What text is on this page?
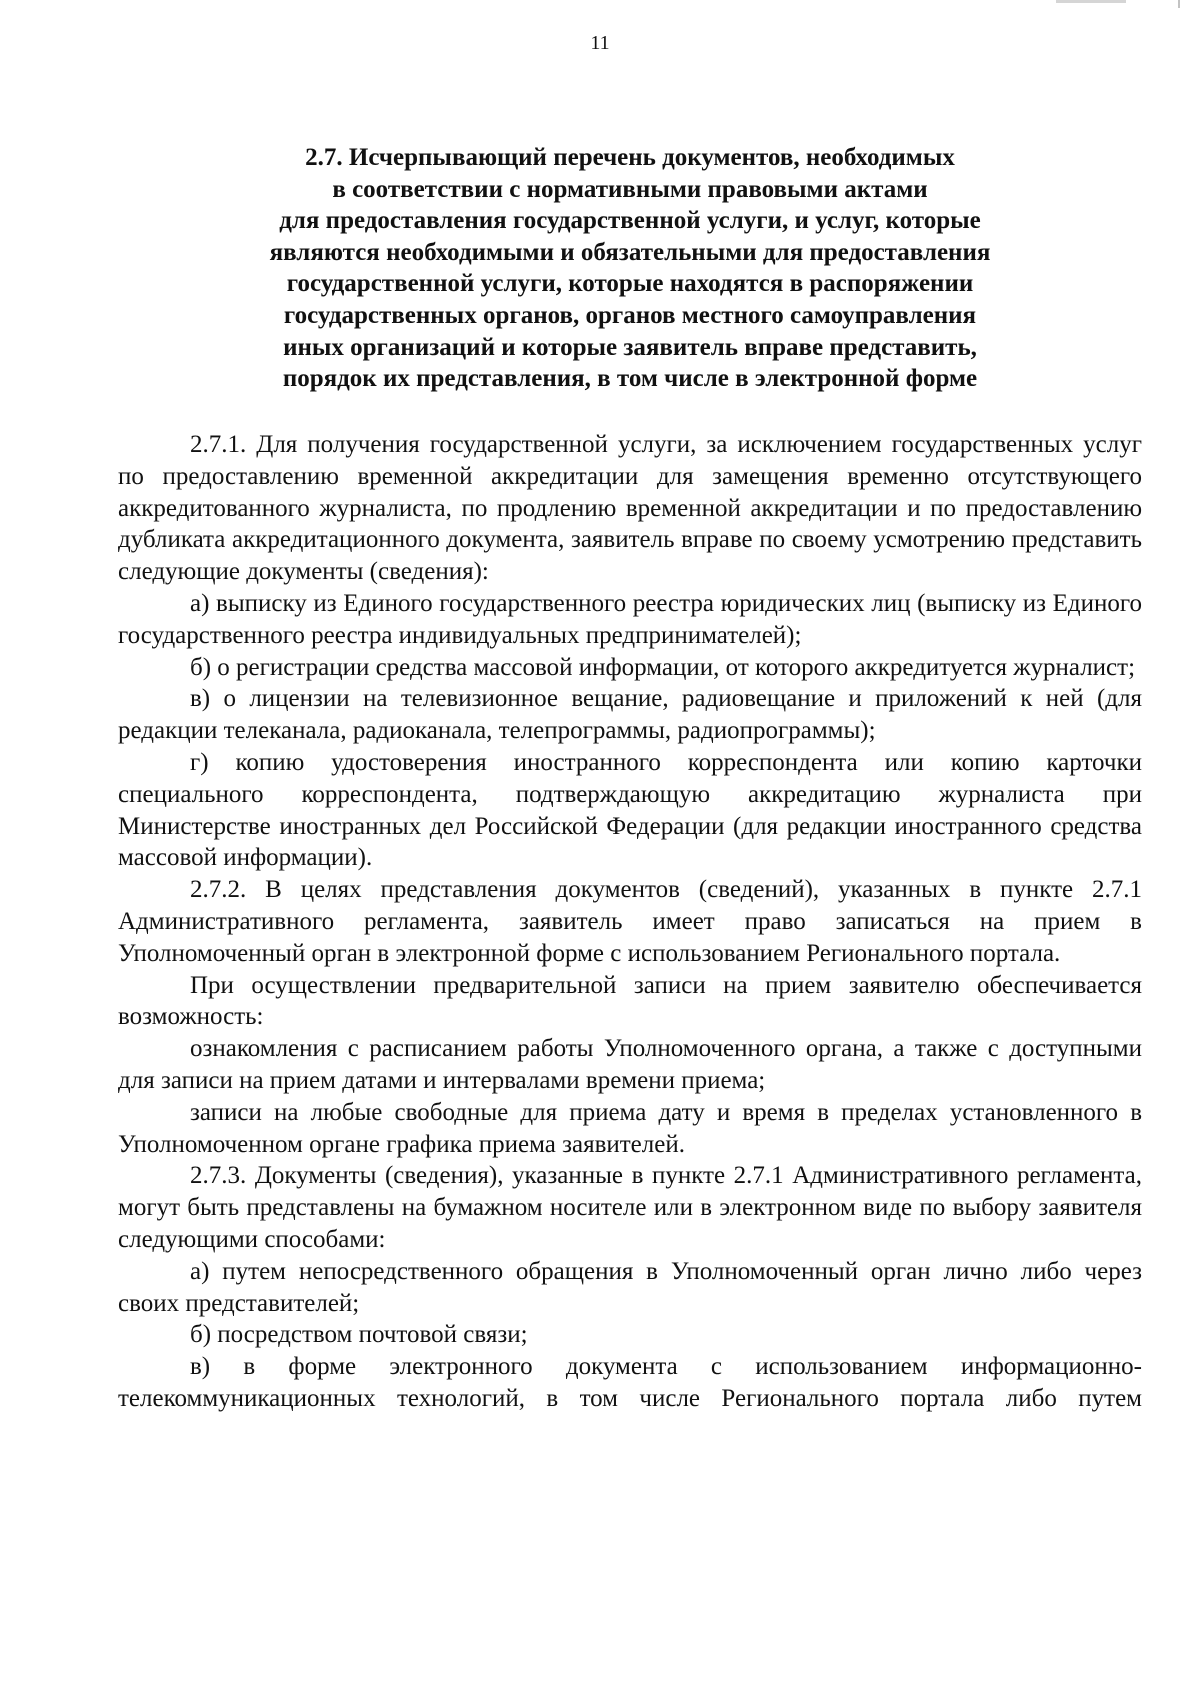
11
2.7. Исчерпывающий перечень документов, необходимых
в соответствии с нормативными правовыми актами
для предоставления государственной услуги, и услуг, которые
являются необходимыми и обязательными для предоставления
государственной услуги, которые находятся в распоряжении
государственных органов, органов местного самоуправления
иных организаций и которые заявитель вправе представить,
порядок их представления, в том числе в электронной форме

2.7.1. Для получения государственной услуги, за исключением государственных услуг по предоставлению временной аккредитации для замещения временно отсутствующего аккредитованного журналиста, по продлению временной аккредитации и по предоставлению дубликата аккредитационного документа, заявитель вправе по своему усмотрению представить следующие документы (сведения):

а) выписку из Единого государственного реестра юридических лиц (выписку из Единого государственного реестра индивидуальных предпринимателей);

б) о регистрации средства массовой информации, от которого аккредитуется журналист;

в) о лицензии на телевизионное вещание, радиовещание и приложений к ней (для редакции телеканала, радиоканала, телепрограммы, радиопрограммы);

г) копию удостоверения иностранного корреспондента или копию карточки специального корреспондента, подтверждающую аккредитацию журналиста при Министерстве иностранных дел Российской Федерации (для редакции иностранного средства массовой информации).

2.7.2. В целях представления документов (сведений), указанных в пункте 2.7.1 Административного регламента, заявитель имеет право записаться на прием в Уполномоченный орган в электронной форме с использованием Регионального портала.

При осуществлении предварительной записи на прием заявителю обеспечивается возможность:

ознакомления с расписанием работы Уполномоченного органа, а также с доступными для записи на прием датами и интервалами времени приема;

записи на любые свободные для приема дату и время в пределах установленного в Уполномоченном органе графика приема заявителей.

2.7.3. Документы (сведения), указанные в пункте 2.7.1 Административного регламента, могут быть представлены на бумажном носителе или в электронном виде по выбору заявителя следующими способами:

а) путем непосредственного обращения в Уполномоченный орган лично либо через своих представителей;

б) посредством почтовой связи;

в) в форме электронного документа с использованием информационно-телекоммуникационных технологий, в том числе Регионального портала либо путем
